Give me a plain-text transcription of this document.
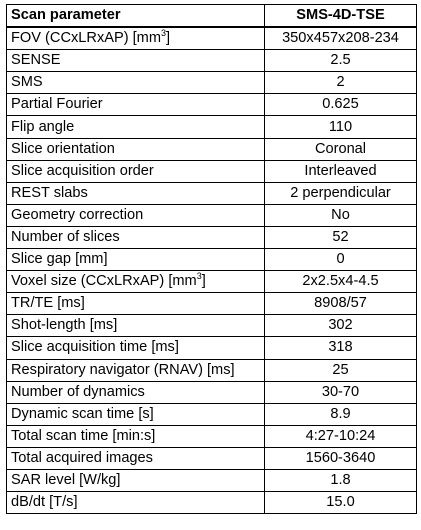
Scan parameter	SMS-4D-TSE
FOV (CCxLRxAP) $[mm^3]$	350x457x208-234
SENSE	2.5
SMS	2
Partial Fourier	0.625
Flip angle	110
Slice orientation	Coronal
Slice acquisition order	Interleaved
REST slabs	2 perpendicular
Geometry correction	No
Number of slices	52
Slice gap [mm]	0
Voxel size (CCxLRxAP) $[mm^3]$	2x2.5x4-4.5
TR/TE [ms]	8908/57
Shot-length [ms]	302
Slice acquisition time [ms]	318
Respiratory navigator (RNAV) [ms]	25
Number of dynamics	30-70
Dynamic scan time [s]	8.9
Total scan time [min:s]	4:27-10:24
Total acquired images	1560-3640
SAR level [W/kg]	1.8
dB/dt [T/s]	15.0
